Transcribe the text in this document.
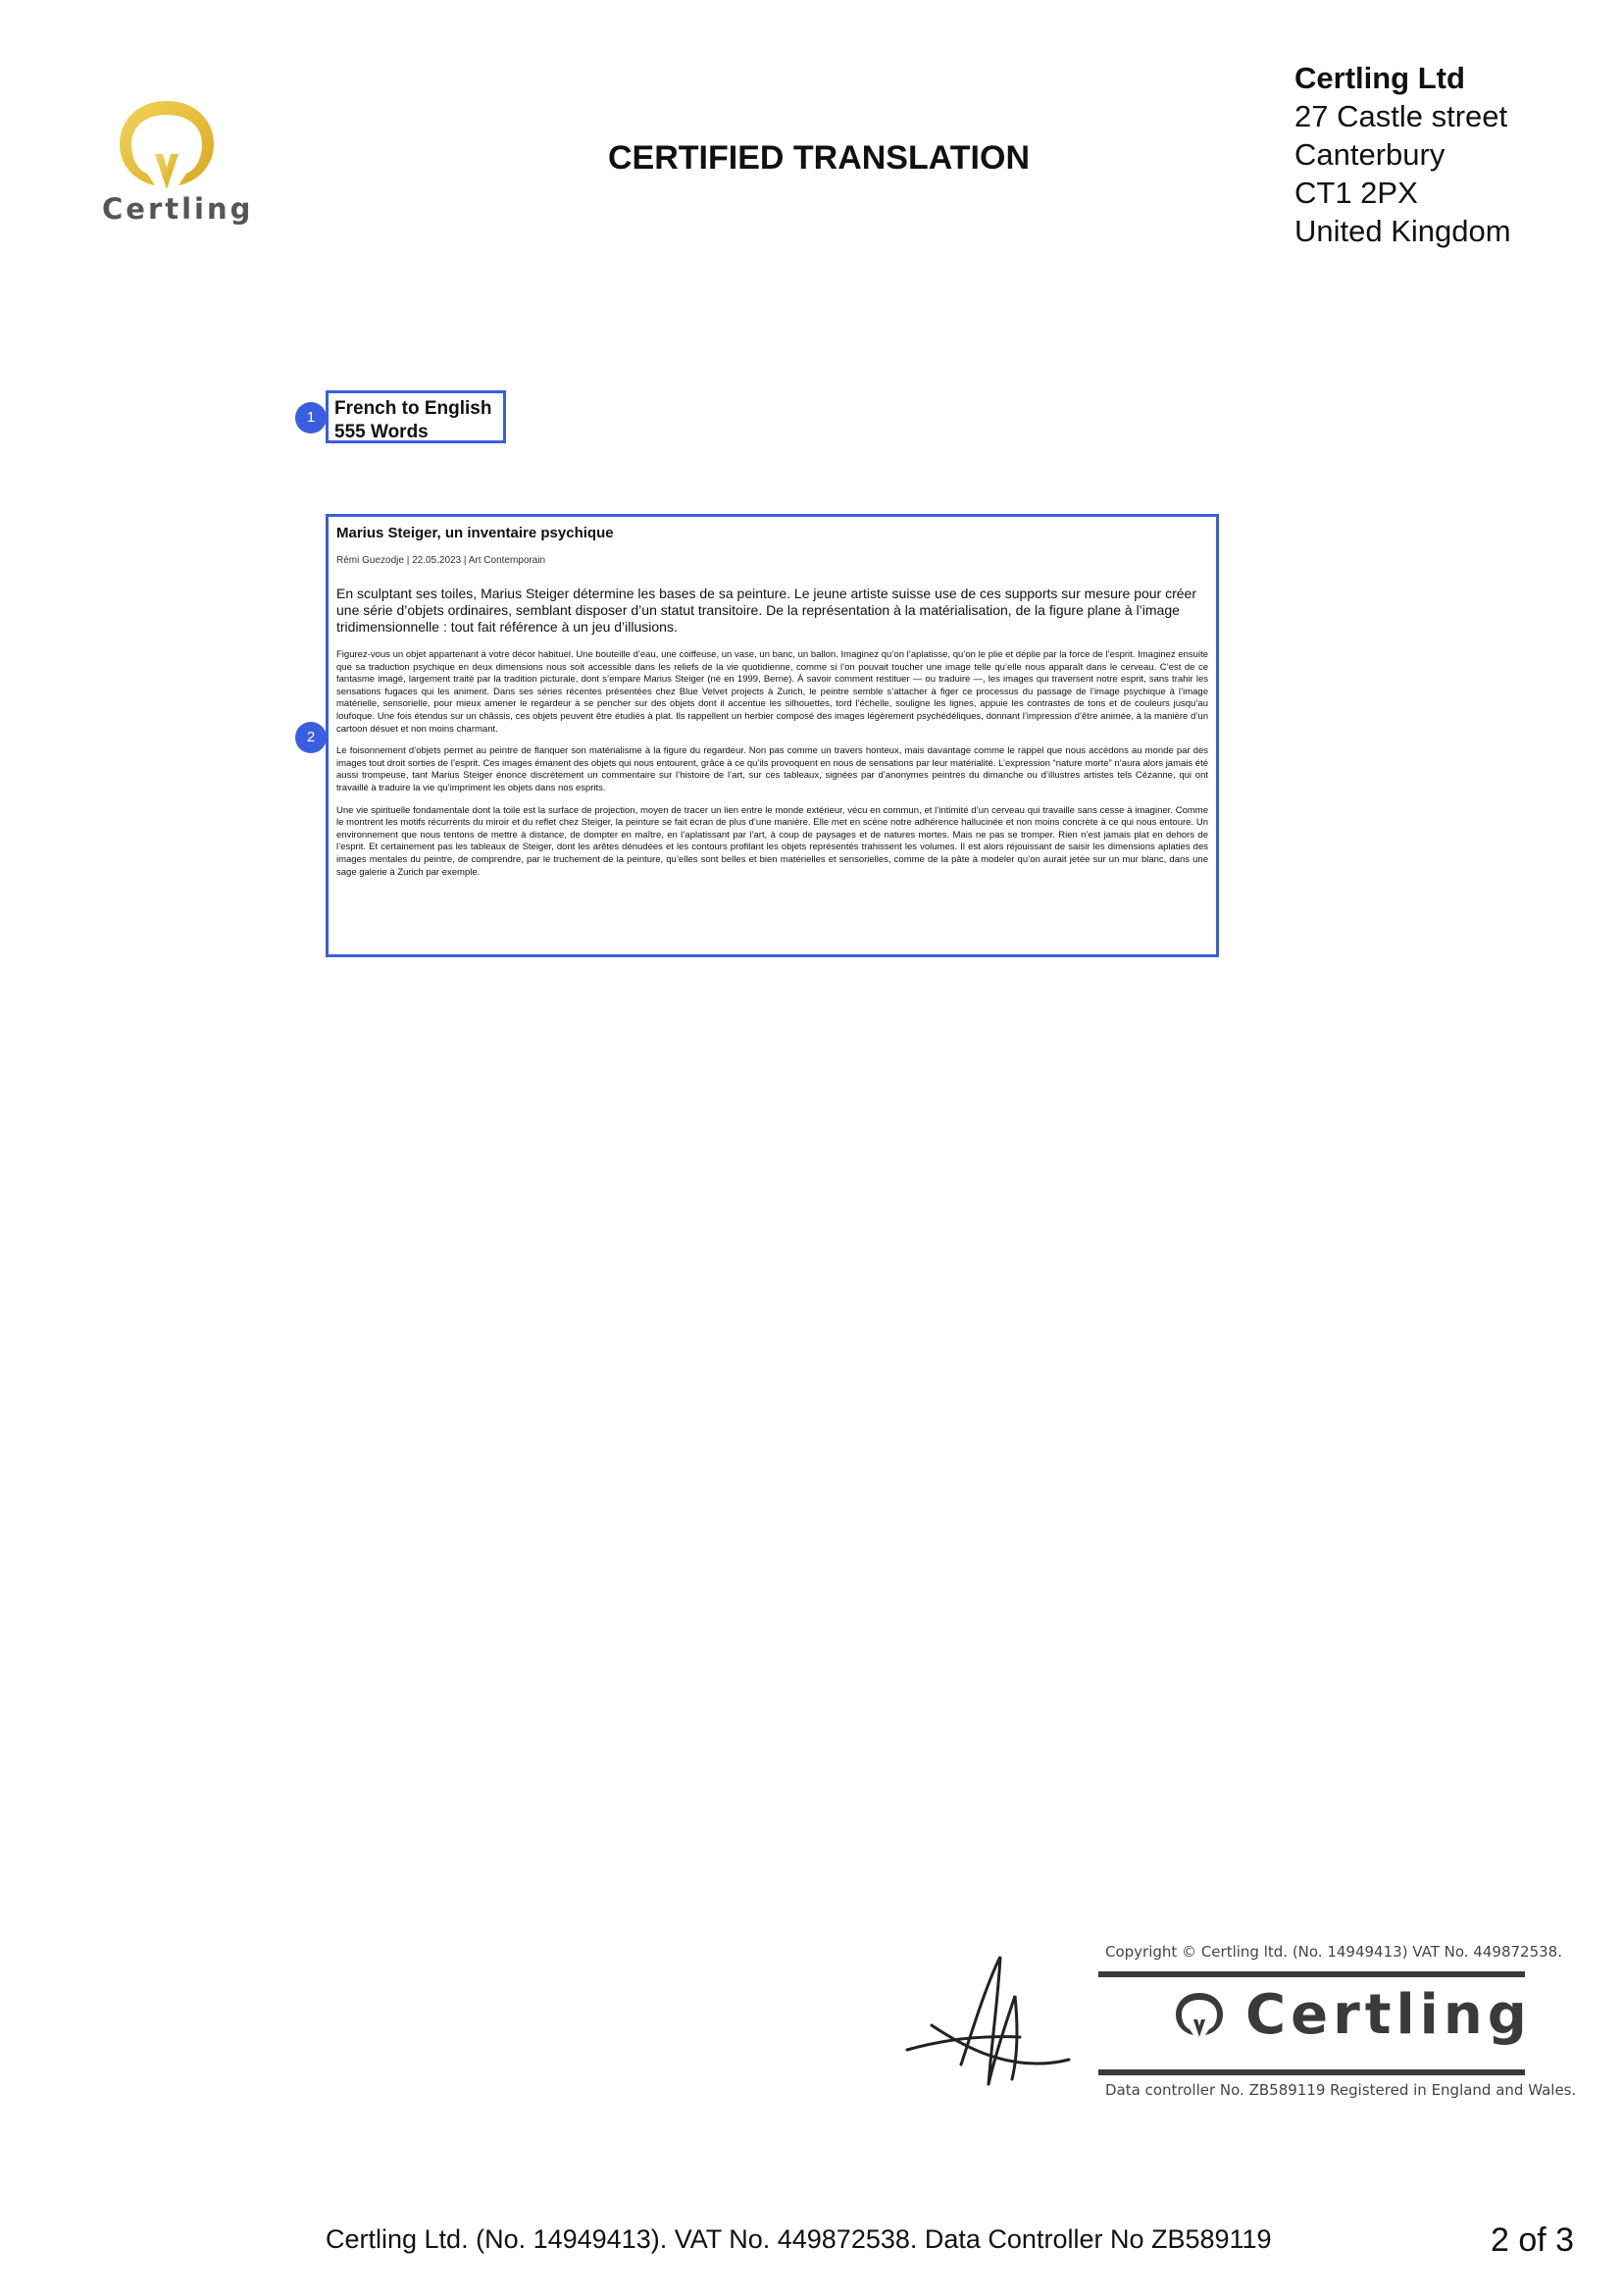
Certling
CERTIFIED TRANSLATION
Certling Ltd
27 Castle street
Canterbury
CT1 2PX
United Kingdom
1	French to English
555 Words
2
Marius Steiger, un inventaire psychique
Rémi Guezodje | 22.05.2023 | Art Contemporain
En sculptant ses toiles, Marius Steiger détermine les bases de sa peinture. Le jeune artiste suisse use de ces supports sur mesure pour créer une série d’objets ordinaires, semblant disposer d’un statut transitoire. De la représentation à la matérialisation, de la figure plane à l’image tridimensionnelle : tout fait référence à un jeu d’illusions.
Figurez-vous un objet appartenant à votre décor habituel. Une bouteille d’eau, une coiffeuse, un vase, un banc, un ballon. Imaginez qu’on l’aplatisse, qu’on le plie et déplie par la force de l’esprit. Imaginez ensuite que sa traduction psychique en deux dimensions nous soit accessible dans les reliefs de la vie quotidienne, comme si l’on pouvait toucher une image telle qu’elle nous apparaît dans le cerveau. C’est de ce fantasme imagé, largement traité par la tradition picturale, dont s’empare Marius Steiger (né en 1999, Berne). À savoir comment restituer — ou traduire —, les images qui traversent notre esprit, sans trahir les sensations fugaces qui les animent. Dans ses séries récentes présentées chez Blue Velvet projects à Zurich, le peintre semble s’attacher à figer ce processus du passage de l’image psychique à l’image matérielle, sensorielle, pour mieux amener le regardeur à se pencher sur des objets dont il accentue les silhouettes, tord l’échelle, souligne les lignes, appuie les contrastes de tons et de couleurs jusqu’au loufoque. Une fois étendus sur un châssis, ces objets peuvent être étudiés à plat. Ils rappellent un herbier composé des images légèrement psychédéliques, donnant l’impression d’être animée, à la manière d’un cartoon désuet et non moins charmant.
Le foisonnement d’objets permet au peintre de flanquer son matérialisme à la figure du regardeur. Non pas comme un travers honteux, mais davantage comme le rappel que nous accédons au monde par des images tout droit sorties de l’esprit. Ces images émanent des objets qui nous entourent, grâce à ce qu’ils provoquent en nous de sensations par leur matérialité. L’expression “nature morte” n’aura alors jamais été aussi trompeuse, tant Marius Steiger énonce discrètement un commentaire sur l’histoire de l’art, sur ces tableaux, signées par d’anonymes peintres du dimanche ou d’illustres artistes tels Cézanne, qui ont travaillé à traduire la vie qu’impriment les objets dans nos esprits.
Une vie spirituelle fondamentale dont la toile est la surface de projection, moyen de tracer un lien entre le monde extérieur, vécu en commun, et l’intimité d’un cerveau qui travaille sans cesse à imaginer. Comme le montrent les motifs récurrents du miroir et du reflet chez Steiger, la peinture se fait écran de plus d’une manière. Elle met en scène notre adhérence hallucinée et non moins concrète à ce qui nous entoure. Un environnement que nous tentons de mettre à distance, de dompter en maître, en l’aplatissant par l’art, à coup de paysages et de natures mortes. Mais ne pas se tromper. Rien n’est jamais plat en dehors de l’esprit. Et certainement pas les tableaux de Steiger, dont les arêtes dénudées et les contours profilant les objets représentés trahissent les volumes. Il est alors réjouissant de saisir les dimensions aplaties des images mentales du peintre, de comprendre, par le truchement de la peinture, qu’elles sont belles et bien matérielles et sensorielles, comme de la pâte à modeler qu’on aurait jetée sur un mur blanc, dans une sage galerie à Zurich par exemple.
Copyright © Certling ltd. (No. 14949413) VAT No. 449872538.
Certling
Data controller No. ZB589119 Registered in England and Wales.
Certling Ltd. (No. 14949413). VAT No. 449872538. Data Controller No ZB589119	2 of 3
